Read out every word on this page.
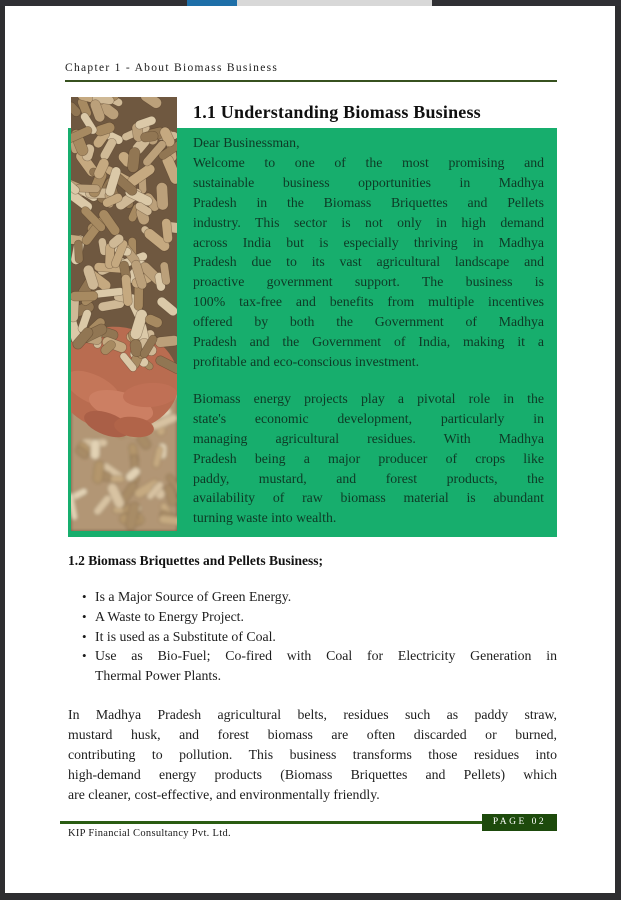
Chapter 1 - About Biomass Business
1.1 Understanding Biomass Business

Dear Businessman,

Welcome to one of the most promising and
sustainable business opportunities in Madhya
Pradesh in the Biomass Briquettes and Pellets
industry. This sector is not only in high demand
across India but is especially thriving in Madhya
Pradesh due to its vast agricultural landscape and
proactive government support. The business is
100% tax-free and benefits from multiple incentives
offered by both the Government of Madhya
Pradesh and the Government of India, making it a
profitable and eco-conscious investment.

Biomass energy projects play a pivotal role in the
state's economic development, particularly in
managing agricultural residues. With Madhya
Pradesh being a major producer of crops like
paddy, mustard, and forest products, the
availability of raw biomass material is abundant
turning waste into wealth.

1.2 Biomass Briquettes and Pellets Business;
• Is a Major Source of Green Energy.
• A Waste to Energy Project.
• It is used as a Substitute of Coal.
• Use as Bio-Fuel; Co-fired with Coal for Electricity Generation in
Thermal Power Plants.

In Madhya Pradesh agricultural belts, residues such as paddy straw,
mustard husk, and forest biomass are often discarded or burned,
contributing to pollution. This business transforms those residues into
high-demand energy products (Biomass Briquettes and Pellets) which
are cleaner, cost-effective, and environmentally friendly.

PAGE 02
KIP Financial Consultancy Pvt. Ltd.
